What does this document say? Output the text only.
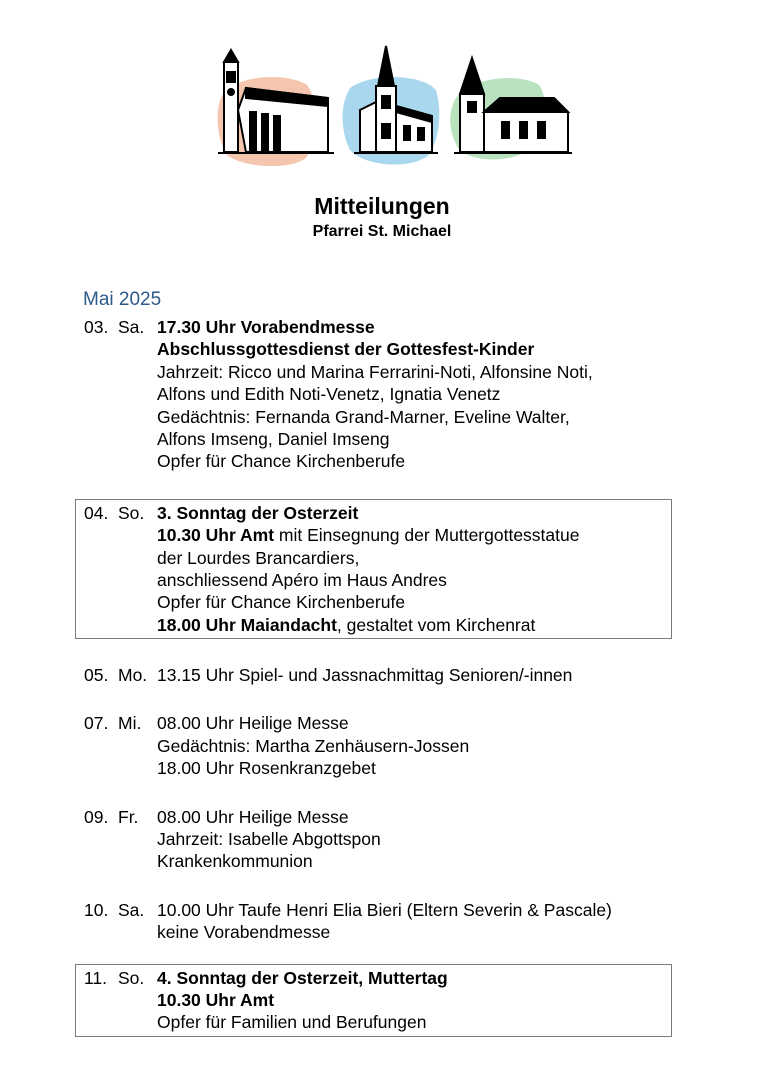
Mitteilungen
Pfarrei St. Michael
Mai 2025
03. Sa. 17.30 Uhr Vorabendmesse
Abschlussgottesdienst der Gottesfest-Kinder
Jahrzeit: Ricco und Marina Ferrarini-Noti, Alfonsine Noti,
Alfons und Edith Noti-Venetz, Ignatia Venetz
Gedächtnis: Fernanda Grand-Marner, Eveline Walter,
Alfons Imseng, Daniel Imseng
Opfer für Chance Kirchenberufe
04. So. 3. Sonntag der Osterzeit
10.30 Uhr Amt mit Einsegnung der Muttergottesstatue
der Lourdes Brancardiers,
anschliessend Apéro im Haus Andres
Opfer für Chance Kirchenberufe
18.00 Uhr Maiandacht, gestaltet vom Kirchenrat
05. Mo. 13.15 Uhr Spiel- und Jassnachmittag Senioren/-innen
07. Mi. 08.00 Uhr Heilige Messe
Gedächtnis: Martha Zenhäusern-Jossen
18.00 Uhr Rosenkranzgebet
09. Fr. 08.00 Uhr Heilige Messe
Jahrzeit: Isabelle Abgottspon
Krankenkommunion
10. Sa. 10.00 Uhr Taufe Henri Elia Bieri (Eltern Severin & Pascale)
keine Vorabendmesse
11. So. 4. Sonntag der Osterzeit, Muttertag
10.30 Uhr Amt
Opfer für Familien und Berufungen
